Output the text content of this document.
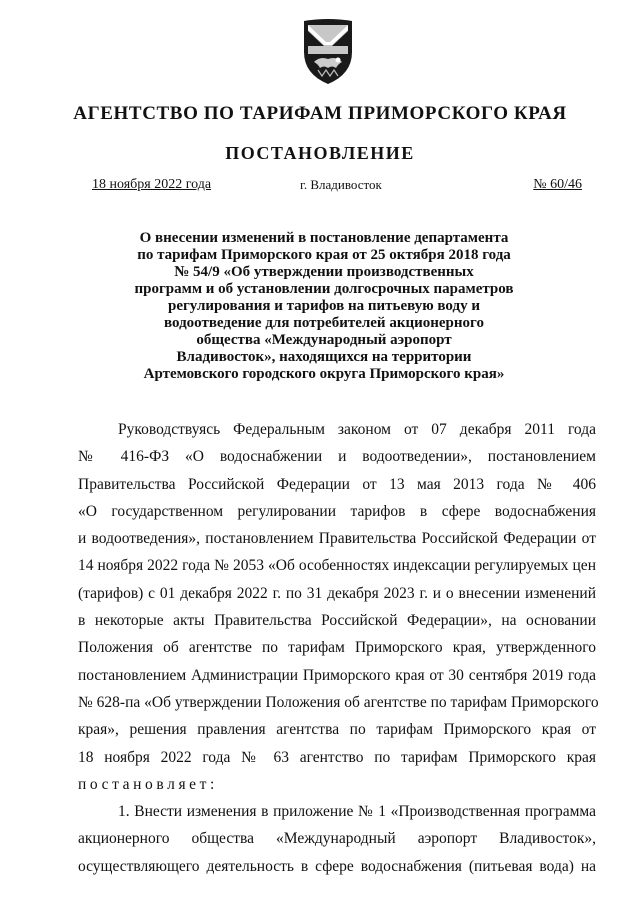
АГЕНТСТВО ПО ТАРИФАМ ПРИМОРСКОГО КРАЯ
ПОСТАНОВЛЕНИЕ
18 ноября 2022 года	г. Владивосток	№ 60/46
О внесении изменений в постановление департамента
по тарифам Приморского края от 25 октября 2018 года
№ 54/9 «Об утверждении производственных
программ и об установлении долгосрочных параметров
регулирования и тарифов на питьевую воду и
водоотведение для потребителей акционерного
общества «Международный аэропорт
Владивосток», находящихся на территории
Артемовского городского округа Приморского края»
Руководствуясь Федеральным законом от 07 декабря 2011 года
№ 416-ФЗ «О водоснабжении и водоотведении», постановлением
Правительства Российской Федерации от 13 мая 2013 года № 406
«О государственном регулировании тарифов в сфере водоснабжения
и водоотведения», постановлением Правительства Российской Федерации от
14 ноября 2022 года № 2053 «Об особенностях индексации регулируемых цен
(тарифов) с 01 декабря 2022 г. по 31 декабря 2023 г. и о внесении изменений
в некоторые акты Правительства Российской Федерации», на основании
Положения об агентстве по тарифам Приморского края, утвержденного
постановлением Администрации Приморского края от 30 сентября 2019 года
№ 628-па «Об утверждении Положения об агентстве по тарифам Приморского
края», решения правления агентства по тарифам Приморского края от
18 ноября 2022 года № 63 агентство по тарифам Приморского края
постановляет:
1. Внести изменения в приложение № 1 «Производственная программа
акционерного общества «Международный аэропорт Владивосток»,
осуществляющего деятельность в сфере водоснабжения (питьевая вода) на
